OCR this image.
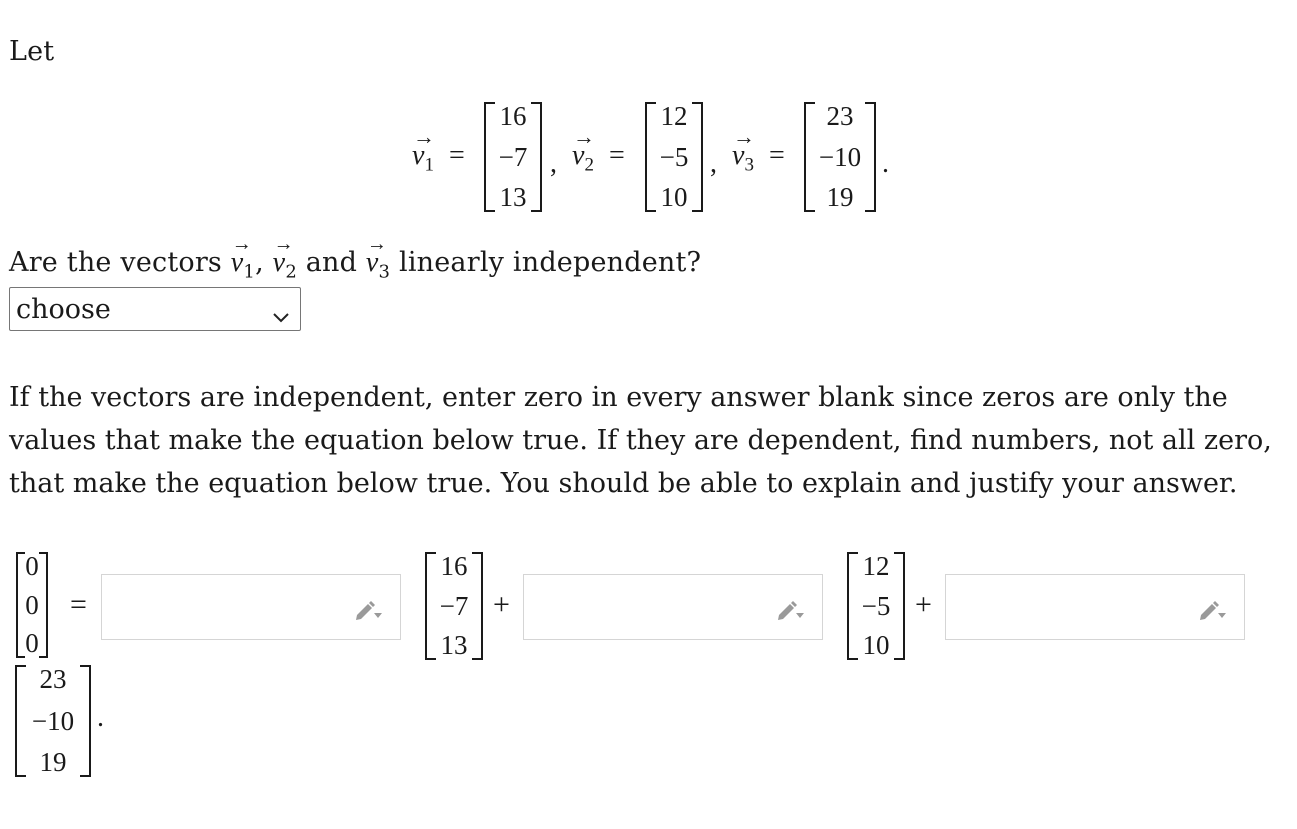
Let
v
→
$_1$ =
16
−7
13
, v
→
$_2$ =
12
−5
10
, v
→
$_3$ =
23
−10
19
.
Are the vectors v
→
$_1$, v
→
$_2$ and v
→
$_3$ linearly independent?
choose
If the vectors are independent, enter zero in every answer blank since zeros are only the values that make the equation below true. If they are dependent, find numbers, not all zero, that make the equation below true. You should be able to explain and justify your answer.
0
0
0
=
16
−7
13
+
12
−5
10
+
23
−10
19
.
